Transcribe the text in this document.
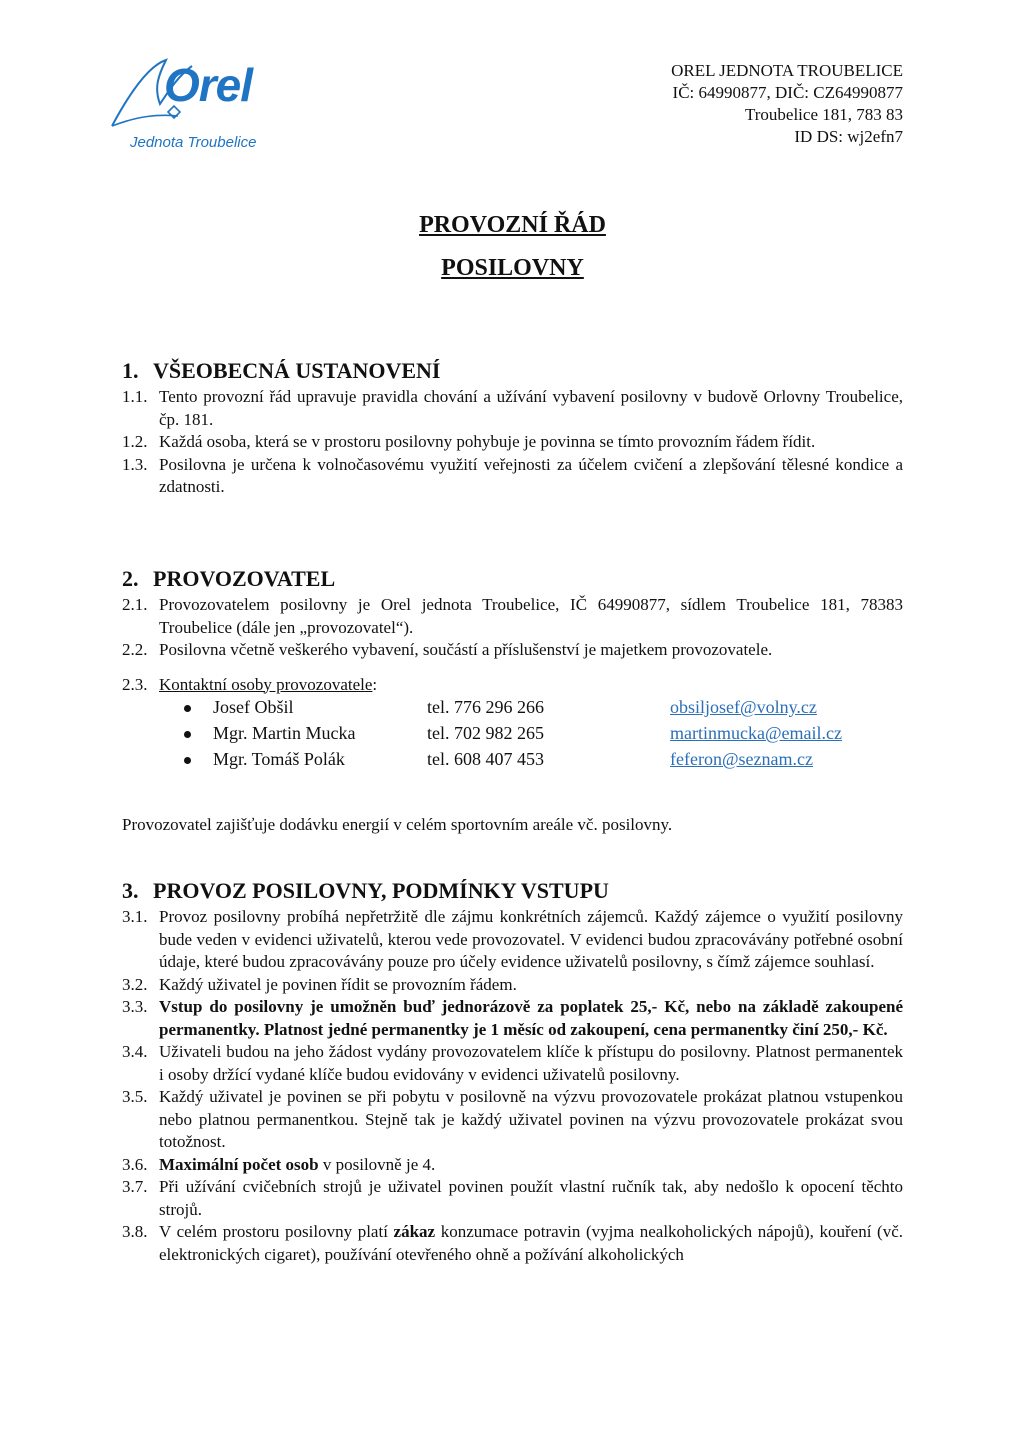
Orel
Jednota Troubelice
OREL JEDNOTA TROUBELICE
IČ: 64990877, DIČ: CZ64990877
Troubelice 181, 783 83
ID DS: wj2efn7
PROVOZNÍ ŘÁD
POSILOVNY
1. VŠEOBECNÁ USTANOVENÍ
1.1. Tento provozní řád upravuje pravidla chování a užívání vybavení posilovny v budově Orlovny Troubelice, čp. 181.
1.2. Každá osoba, která se v prostoru posilovny pohybuje je povinna se tímto provozním řádem řídit.
1.3. Posilovna je určena k volnočasovému využití veřejnosti za účelem cvičení a zlepšování tělesné kondice a zdatnosti.
2. PROVOZOVATEL
2.1. Provozovatelem posilovny je Orel jednota Troubelice, IČ 64990877, sídlem Troubelice 181, 78383 Troubelice (dále jen „provozovatel“).
2.2. Posilovna včetně veškerého vybavení, součástí a příslušenství je majetkem provozovatele.
2.3. Kontaktní osoby provozovatele:
Josef Obšil	tel. 776 296 266	obsiljosef@volny.cz
Mgr. Martin Mucka	tel. 702 982 265	martinmucka@email.cz
Mgr. Tomáš Polák	tel. 608 407 453	feferon@seznam.cz
Provozovatel zajišťuje dodávku energií v celém sportovním areále vč. posilovny.
3. PROVOZ POSILOVNY, PODMÍNKY VSTUPU
3.1. Provoz posilovny probíhá nepřetržitě dle zájmu konkrétních zájemců. Každý zájemce o využití posilovny bude veden v evidenci uživatelů, kterou vede provozovatel. V evidenci budou zpracovávány potřebné osobní údaje, které budou zpracovávány pouze pro účely evidence uživatelů posilovny, s čímž zájemce souhlasí.
3.2. Každý uživatel je povinen řídit se provozním řádem.
3.3. Vstup do posilovny je umožněn buď jednorázově za poplatek 25,- Kč, nebo na základě zakoupené permanentky. Platnost jedné permanentky je 1 měsíc od zakoupení, cena permanentky činí 250,- Kč.
3.4. Uživateli budou na jeho žádost vydány provozovatelem klíče k přístupu do posilovny. Platnost permanentek i osoby držící vydané klíče budou evidovány v evidenci uživatelů posilovny.
3.5. Každý uživatel je povinen se při pobytu v posilovně na výzvu provozovatele prokázat platnou vstupenkou nebo platnou permanentkou. Stejně tak je každý uživatel povinen na výzvu provozovatele prokázat svou totožnost.
3.6. Maximální počet osob v posilovně je 4.
3.7. Při užívání cvičebních strojů je uživatel povinen použít vlastní ručník tak, aby nedošlo k opocení těchto strojů.
3.8. V celém prostoru posilovny platí zákaz konzumace potravin (vyjma nealkoholických nápojů), kouření (vč. elektronických cigaret), používání otevřeného ohně a požívání alkoholických
